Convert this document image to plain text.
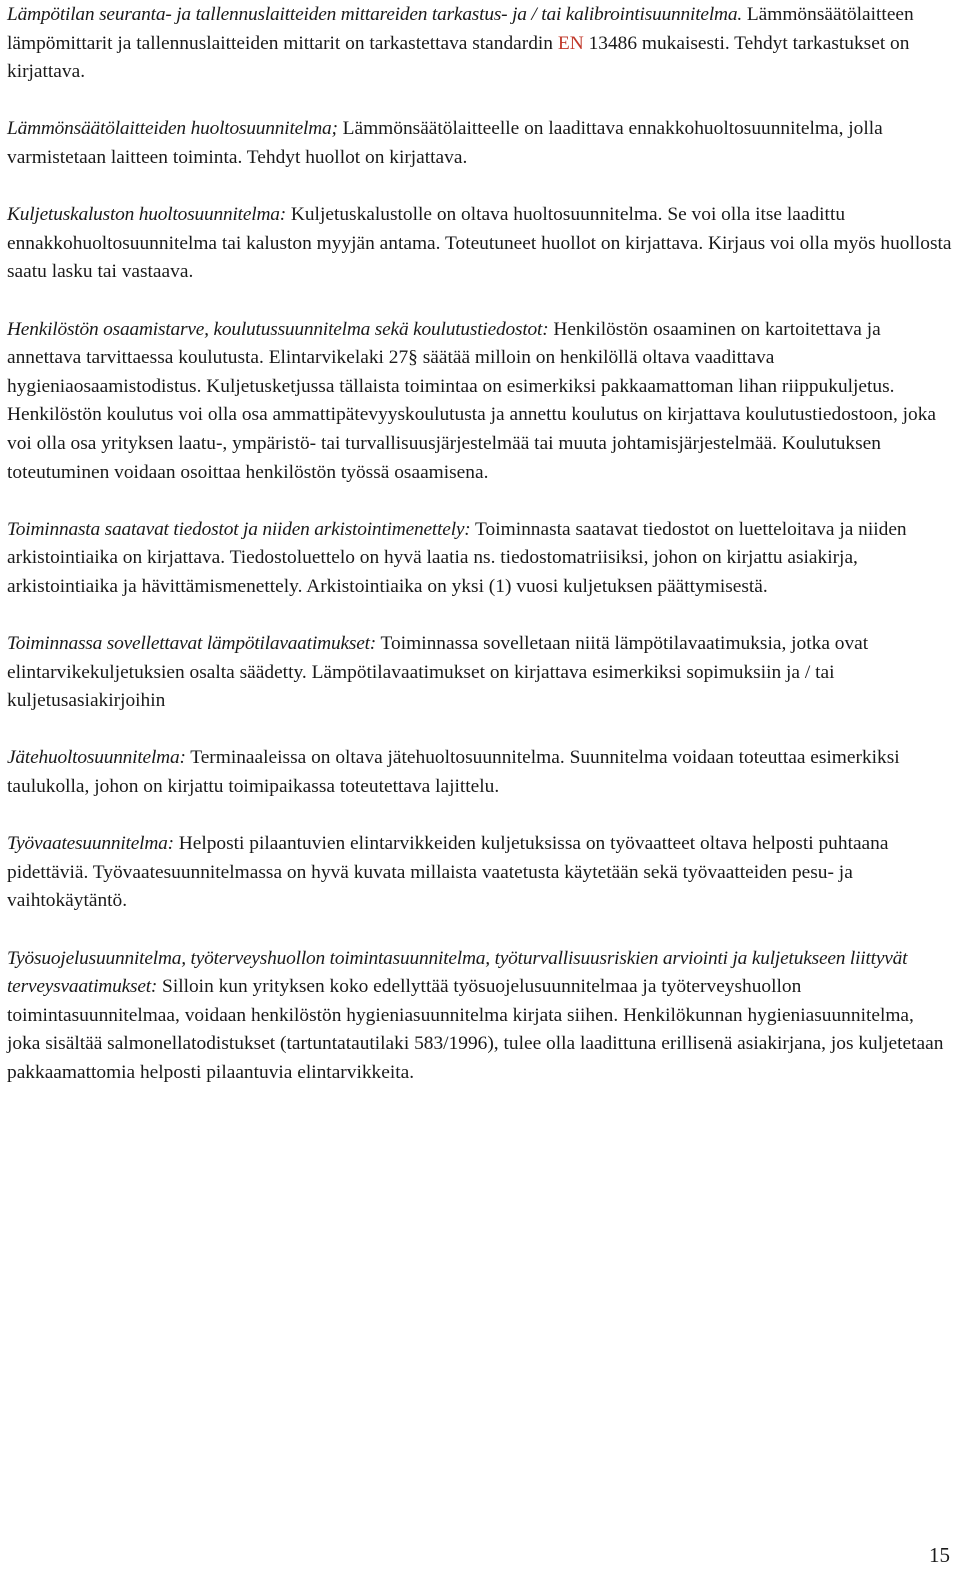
Lämpötilan seuranta- ja tallennuslaitteiden mittareiden tarkastus- ja / tai kalibrointisuunnitelma. Lämmönsäätölaitteen lämpömittarit ja tallennuslaitteiden mittarit on tarkastettava standardin EN 13486 mukaisesti. Tehdyt tarkastukset on kirjattava.

Lämmönsäätölaitteiden huoltosuunnitelma; Lämmönsäätölaitteelle on laadittava ennakkohuoltosuunnitelma, jolla varmistetaan laitteen toiminta. Tehdyt huollot on kirjattava.

Kuljetuskaluston huoltosuunnitelma: Kuljetuskalustolle on oltava huoltosuunnitelma. Se voi olla itse laadittu ennakkohuoltosuunnitelma tai kaluston myyjän antama. Toteutuneet huollot on kirjattava. Kirjaus voi olla myös huollosta saatu lasku tai vastaava.

Henkilöstön osaamistarve, koulutussuunnitelma sekä koulutustiedostot: Henkilöstön osaaminen on kartoitettava ja annettava tarvittaessa koulutusta. Elintarvikelaki 27§ säätää milloin on henkilöllä oltava vaadittava hygieniaosaamistodistus. Kuljetusketjussa tällaista toimintaa on esimerkiksi pakkaamattoman lihan riippukuljetus. Henkilöstön koulutus voi olla osa ammattipätevyyskoulutusta ja annettu koulutus on kirjattava koulutustiedostoon, joka voi olla osa yrityksen laatu-, ympäristö- tai turvallisuusjärjestelmää tai muuta johtamisjärjestelmää. Koulutuksen toteutuminen voidaan osoittaa henkilöstön työssä osaamisena.

Toiminnasta saatavat tiedostot ja niiden arkistointimenettely: Toiminnasta saatavat tiedostot on luetteloitava ja niiden arkistointiaika on kirjattava. Tiedostoluettelo on hyvä laatia ns. tiedostomatriisiksi, johon on kirjattu asiakirja, arkistointiaika ja hävittämismenettely. Arkistointiaika on yksi (1) vuosi kuljetuksen päättymisestä.

Toiminnassa sovellettavat lämpötilavaatimukset: Toiminnassa sovelletaan niitä lämpötilavaatimuksia, jotka ovat elintarvikekuljetuksien osalta säädetty. Lämpötilavaatimukset on kirjattava esimerkiksi sopimuksiin ja / tai kuljetusasiakirjoihin

Jätehuoltosuunnitelma: Terminaaleissa on oltava jätehuoltosuunnitelma. Suunnitelma voidaan toteuttaa esimerkiksi taulukolla, johon on kirjattu toimipaikassa toteutettava lajittelu.

Työvaatesuunnitelma: Helposti pilaantuvien elintarvikkeiden kuljetuksissa on työvaatteet oltava helposti puhtaana pidettäviä. Työvaatesuunnitelmassa on hyvä kuvata millaista vaatetusta käytetään sekä työvaatteiden pesu- ja vaihtokäytäntö.

Työsuojelusuunnitelma, työterveyshuollon toimintasuunnitelma, työturvallisuusriskien arviointi ja kuljetukseen liittyvät terveysvaatimukset: Silloin kun yrityksen koko edellyttää työsuojelusuunnitelmaa ja työterveyshuollon toimintasuunnitelmaa, voidaan henkilöstön hygieniasuunnitelma kirjata siihen. Henkilökunnan hygieniasuunnitelma, joka sisältää salmonellatodistukset (tartuntatautilaki 583/1996), tulee olla laadittuna erillisenä asiakirjana, jos kuljetetaan pakkaamattomia helposti pilaantuvia elintarvikkeita.

15
